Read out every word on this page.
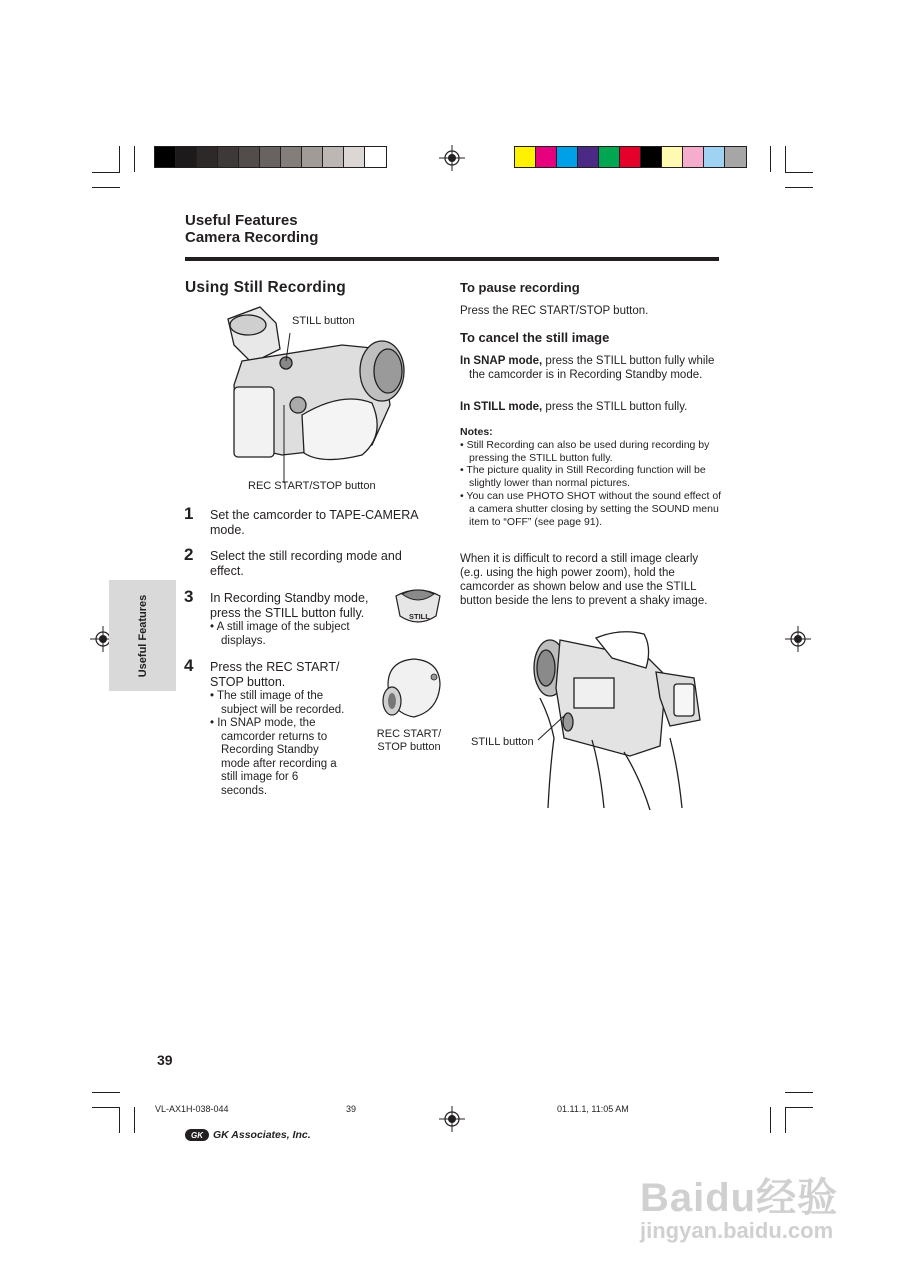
Useful Features
Camera Recording
Useful Features
Using Still Recording
STILL button
REC START/STOP button
1 Set the camcorder to TAPE-CAMERA mode.
2 Select the still recording mode and effect.
3 In Recording Standby mode, press the STILL button fully.
• A still image of the subject displays.
STILL
4 Press the REC START/ STOP button.
• The still image of the subject will be recorded.
• In SNAP mode, the camcorder returns to Recording Standby mode after recording a still image for 6 seconds.
REC START/ STOP button
To pause recording
Press the REC START/STOP button.
To cancel the still image
In SNAP mode, press the STILL button fully while the camcorder is in Recording Standby mode.
In STILL mode, press the STILL button fully.
Notes:
• Still Recording can also be used during recording by pressing the STILL button fully.
• The picture quality in Still Recording function will be slightly lower than normal pictures.
• You can use PHOTO SHOT without the sound effect of a camera shutter closing by setting the SOUND menu item to “OFF” (see page 91).
When it is difficult to record a still image clearly (e.g. using the high power zoom), hold the camcorder as shown below and use the STILL button beside the lens to prevent a shaky image.
STILL button
39
VL-AX1H-038-044	39	01.11.1, 11:05 AM
GK GK Associates, Inc.
Baidu经验
jingyan.baidu.com
